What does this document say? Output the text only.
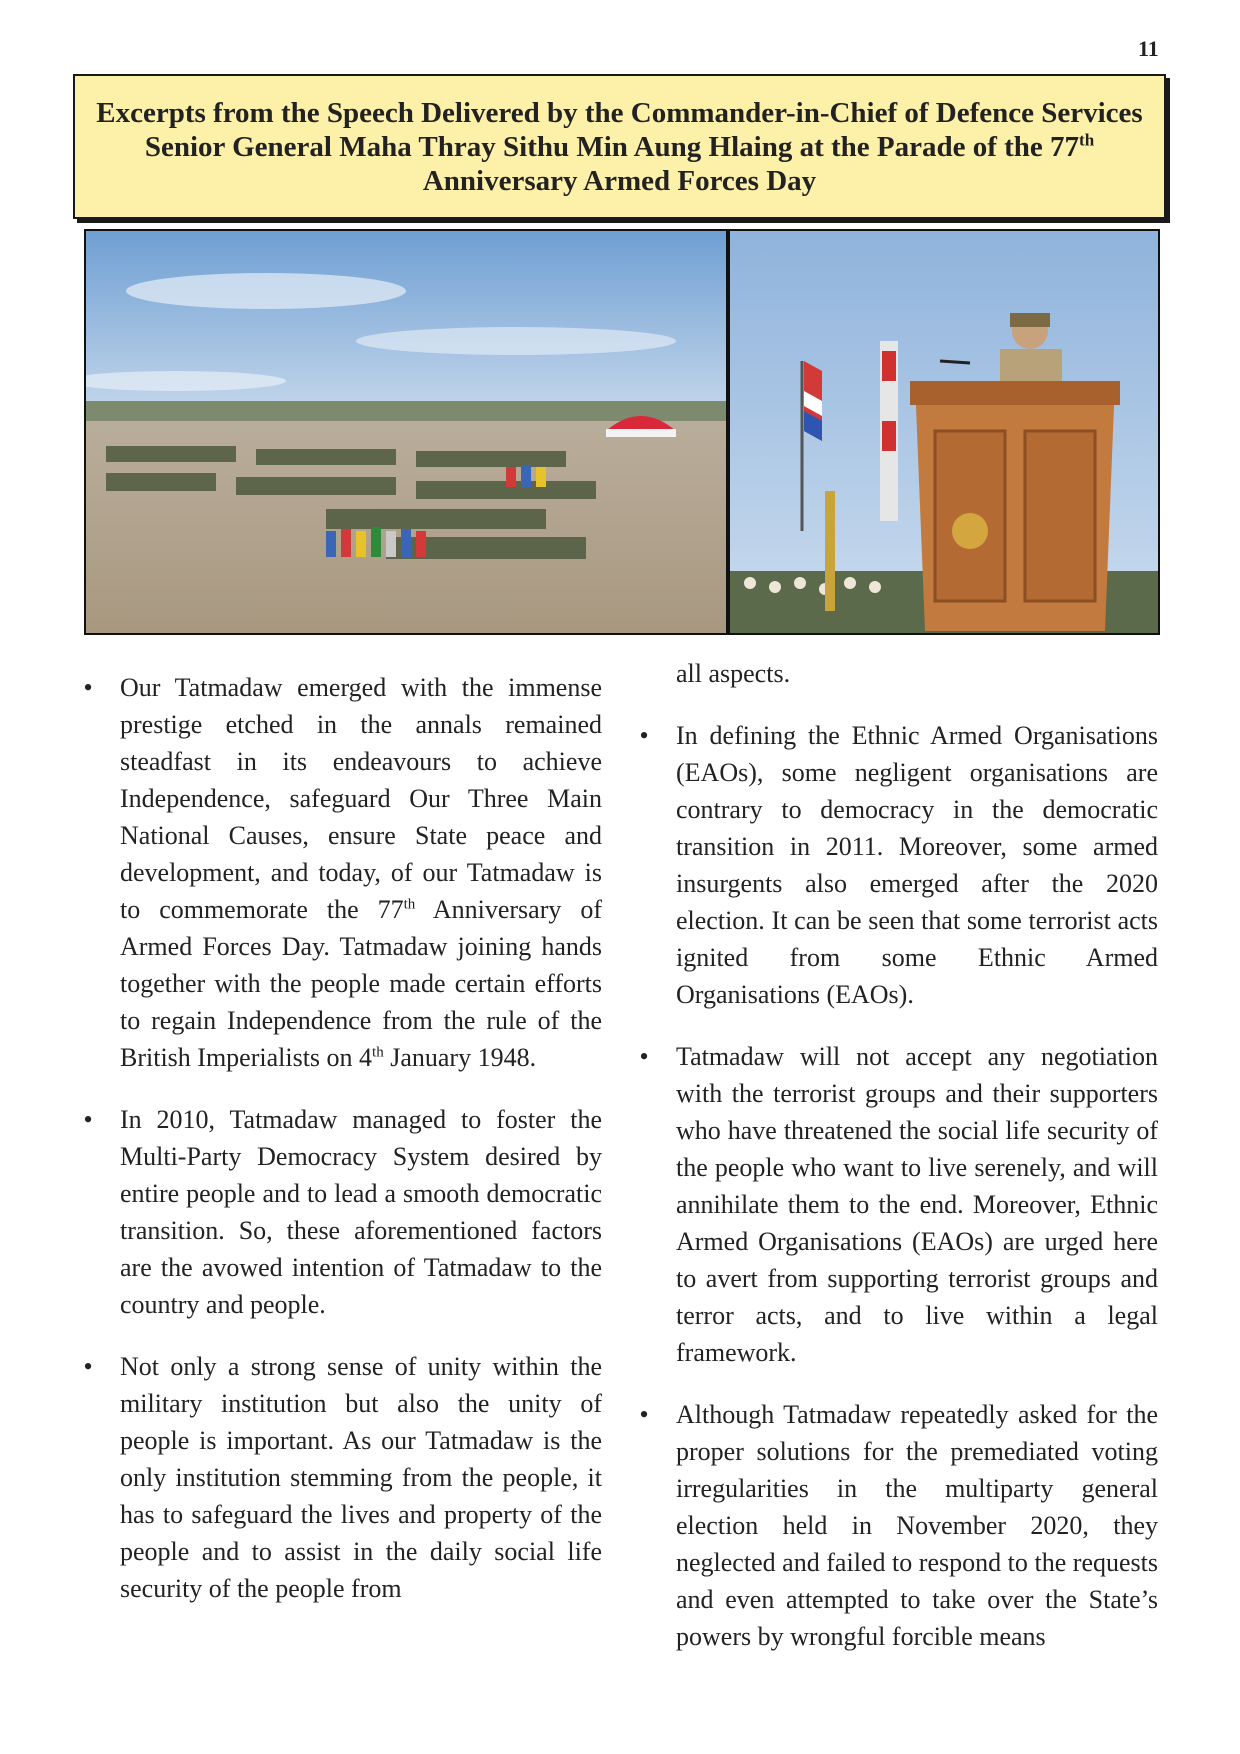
11
Excerpts from the Speech Delivered by the Commander-in-Chief of Defence Services Senior General Maha Thray Sithu Min Aung Hlaing at the Parade of the 77th Anniversary Armed Forces Day
• Our Tatmadaw emerged with the immense prestige etched in the annals remained steadfast in its endeavours to achieve Independence, safeguard Our Three Main National Causes, ensure State peace and development, and today, of our Tatmadaw is to commemorate the 77th Anniversary of Armed Forces Day. Tatmadaw joining hands together with the people made certain efforts to regain Independence from the rule of the British Imperialists on 4th January 1948.
• In 2010, Tatmadaw managed to foster the Multi-Party Democracy System desired by entire people and to lead a smooth democratic transition. So, these aforementioned factors are the avowed intention of Tatmadaw to the country and people.
• Not only a strong sense of unity within the military institution but also the unity of people is important. As our Tatmadaw is the only institution stemming from the people, it has to safeguard the lives and property of the people and to assist in the daily social life security of the people from
all aspects.
• In defining the Ethnic Armed Organisations (EAOs), some negligent organisations are contrary to democracy in the democratic transition in 2011. Moreover, some armed insurgents also emerged after the 2020 election. It can be seen that some terrorist acts ignited from some Ethnic Armed Organisations (EAOs).
• Tatmadaw will not accept any negotiation with the terrorist groups and their supporters who have threatened the social life security of the people who want to live serenely, and will annihilate them to the end. Moreover, Ethnic Armed Organisations (EAOs) are urged here to avert from supporting terrorist groups and terror acts, and to live within a legal framework.
• Although Tatmadaw repeatedly asked for the proper solutions for the premediated voting irregularities in the multiparty general election held in November 2020, they neglected and failed to respond to the requests and even attempted to take over the State’s powers by wrongful forcible means
